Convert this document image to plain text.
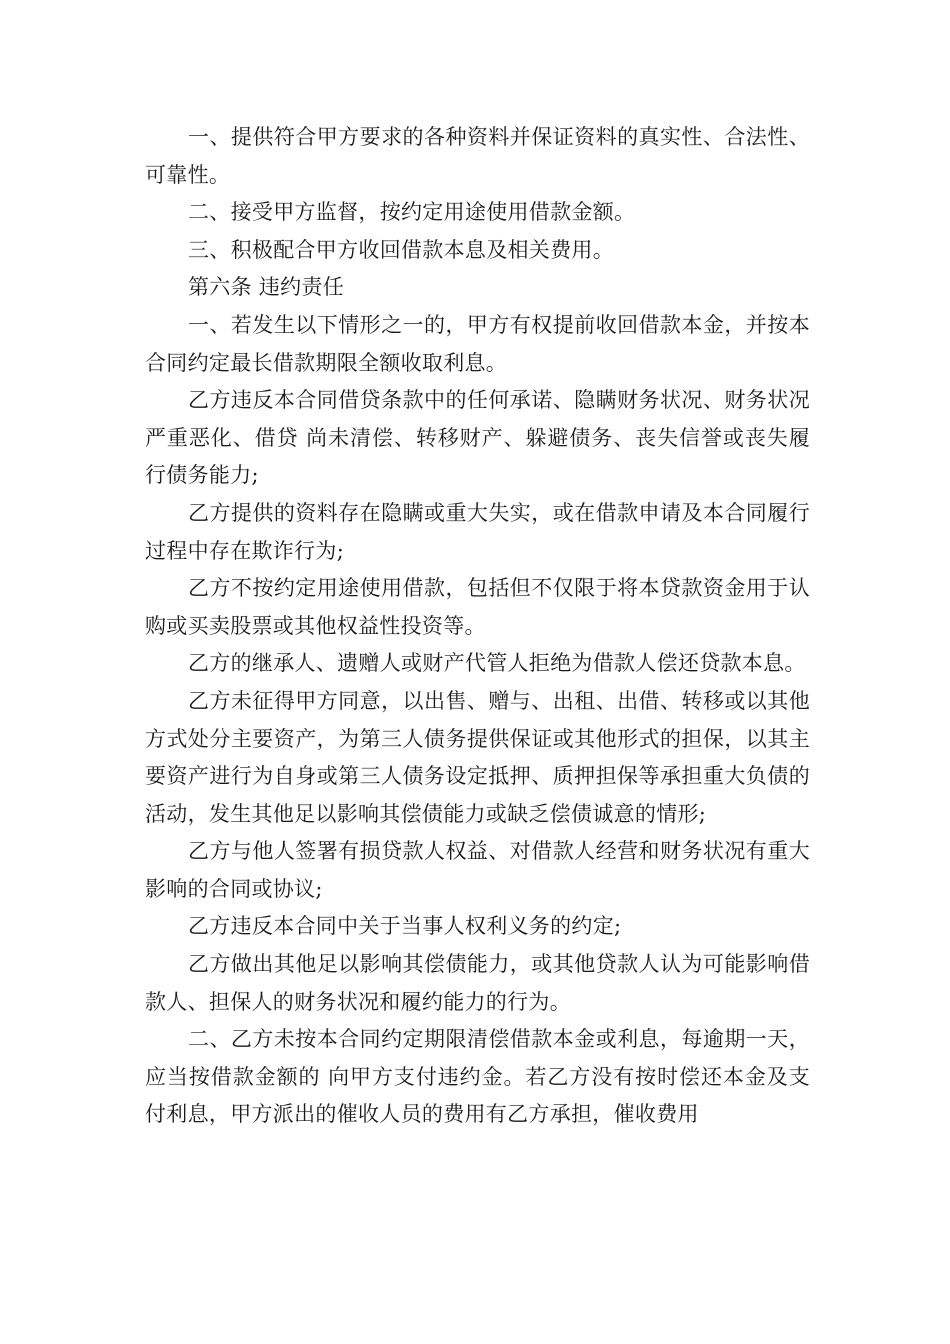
一、提供符合甲方要求的各种资料并保证资料的真实性、合法性、可靠性。

二、接受甲方监督，按约定用途使用借款金额。

三、积极配合甲方收回借款本息及相关费用。

第六条 违约责任

一、若发生以下情形之一的，甲方有权提前收回借款本金，并按本合同约定最长借款期限全额收取利息。

乙方违反本合同借贷条款中的任何承诺、隐瞒财务状况、财务状况严重恶化、借贷 尚未清偿、转移财产、躲避债务、丧失信誉或丧失履行债务能力;

乙方提供的资料存在隐瞒或重大失实，或在借款申请及本合同履行过程中存在欺诈行为;

乙方不按约定用途使用借款，包括但不仅限于将本贷款资金用于认购或买卖股票或其他权益性投资等。

乙方的继承人、遗赠人或财产代管人拒绝为借款人偿还贷款本息。

乙方未征得甲方同意，以出售、赠与、出租、出借、转移或以其他方式处分主要资产，为第三人债务提供保证或其他形式的担保，以其主要资产进行为自身或第三人债务设定抵押、质押担保等承担重大负债的活动，发生其他足以影响其偿债能力或缺乏偿债诚意的情形;

乙方与他人签署有损贷款人权益、对借款人经营和财务状况有重大影响的合同或协议;

乙方违反本合同中关于当事人权利义务的约定;

乙方做出其他足以影响其偿债能力，或其他贷款人认为可能影响借款人、担保人的财务状况和履约能力的行为。

二、乙方未按本合同约定期限清偿借款本金或利息，每逾期一天，应当按借款金额的 向甲方支付违约金。若乙方没有按时偿还本金及支付利息，甲方派出的催收人员的费用有乙方承担，催收费用
